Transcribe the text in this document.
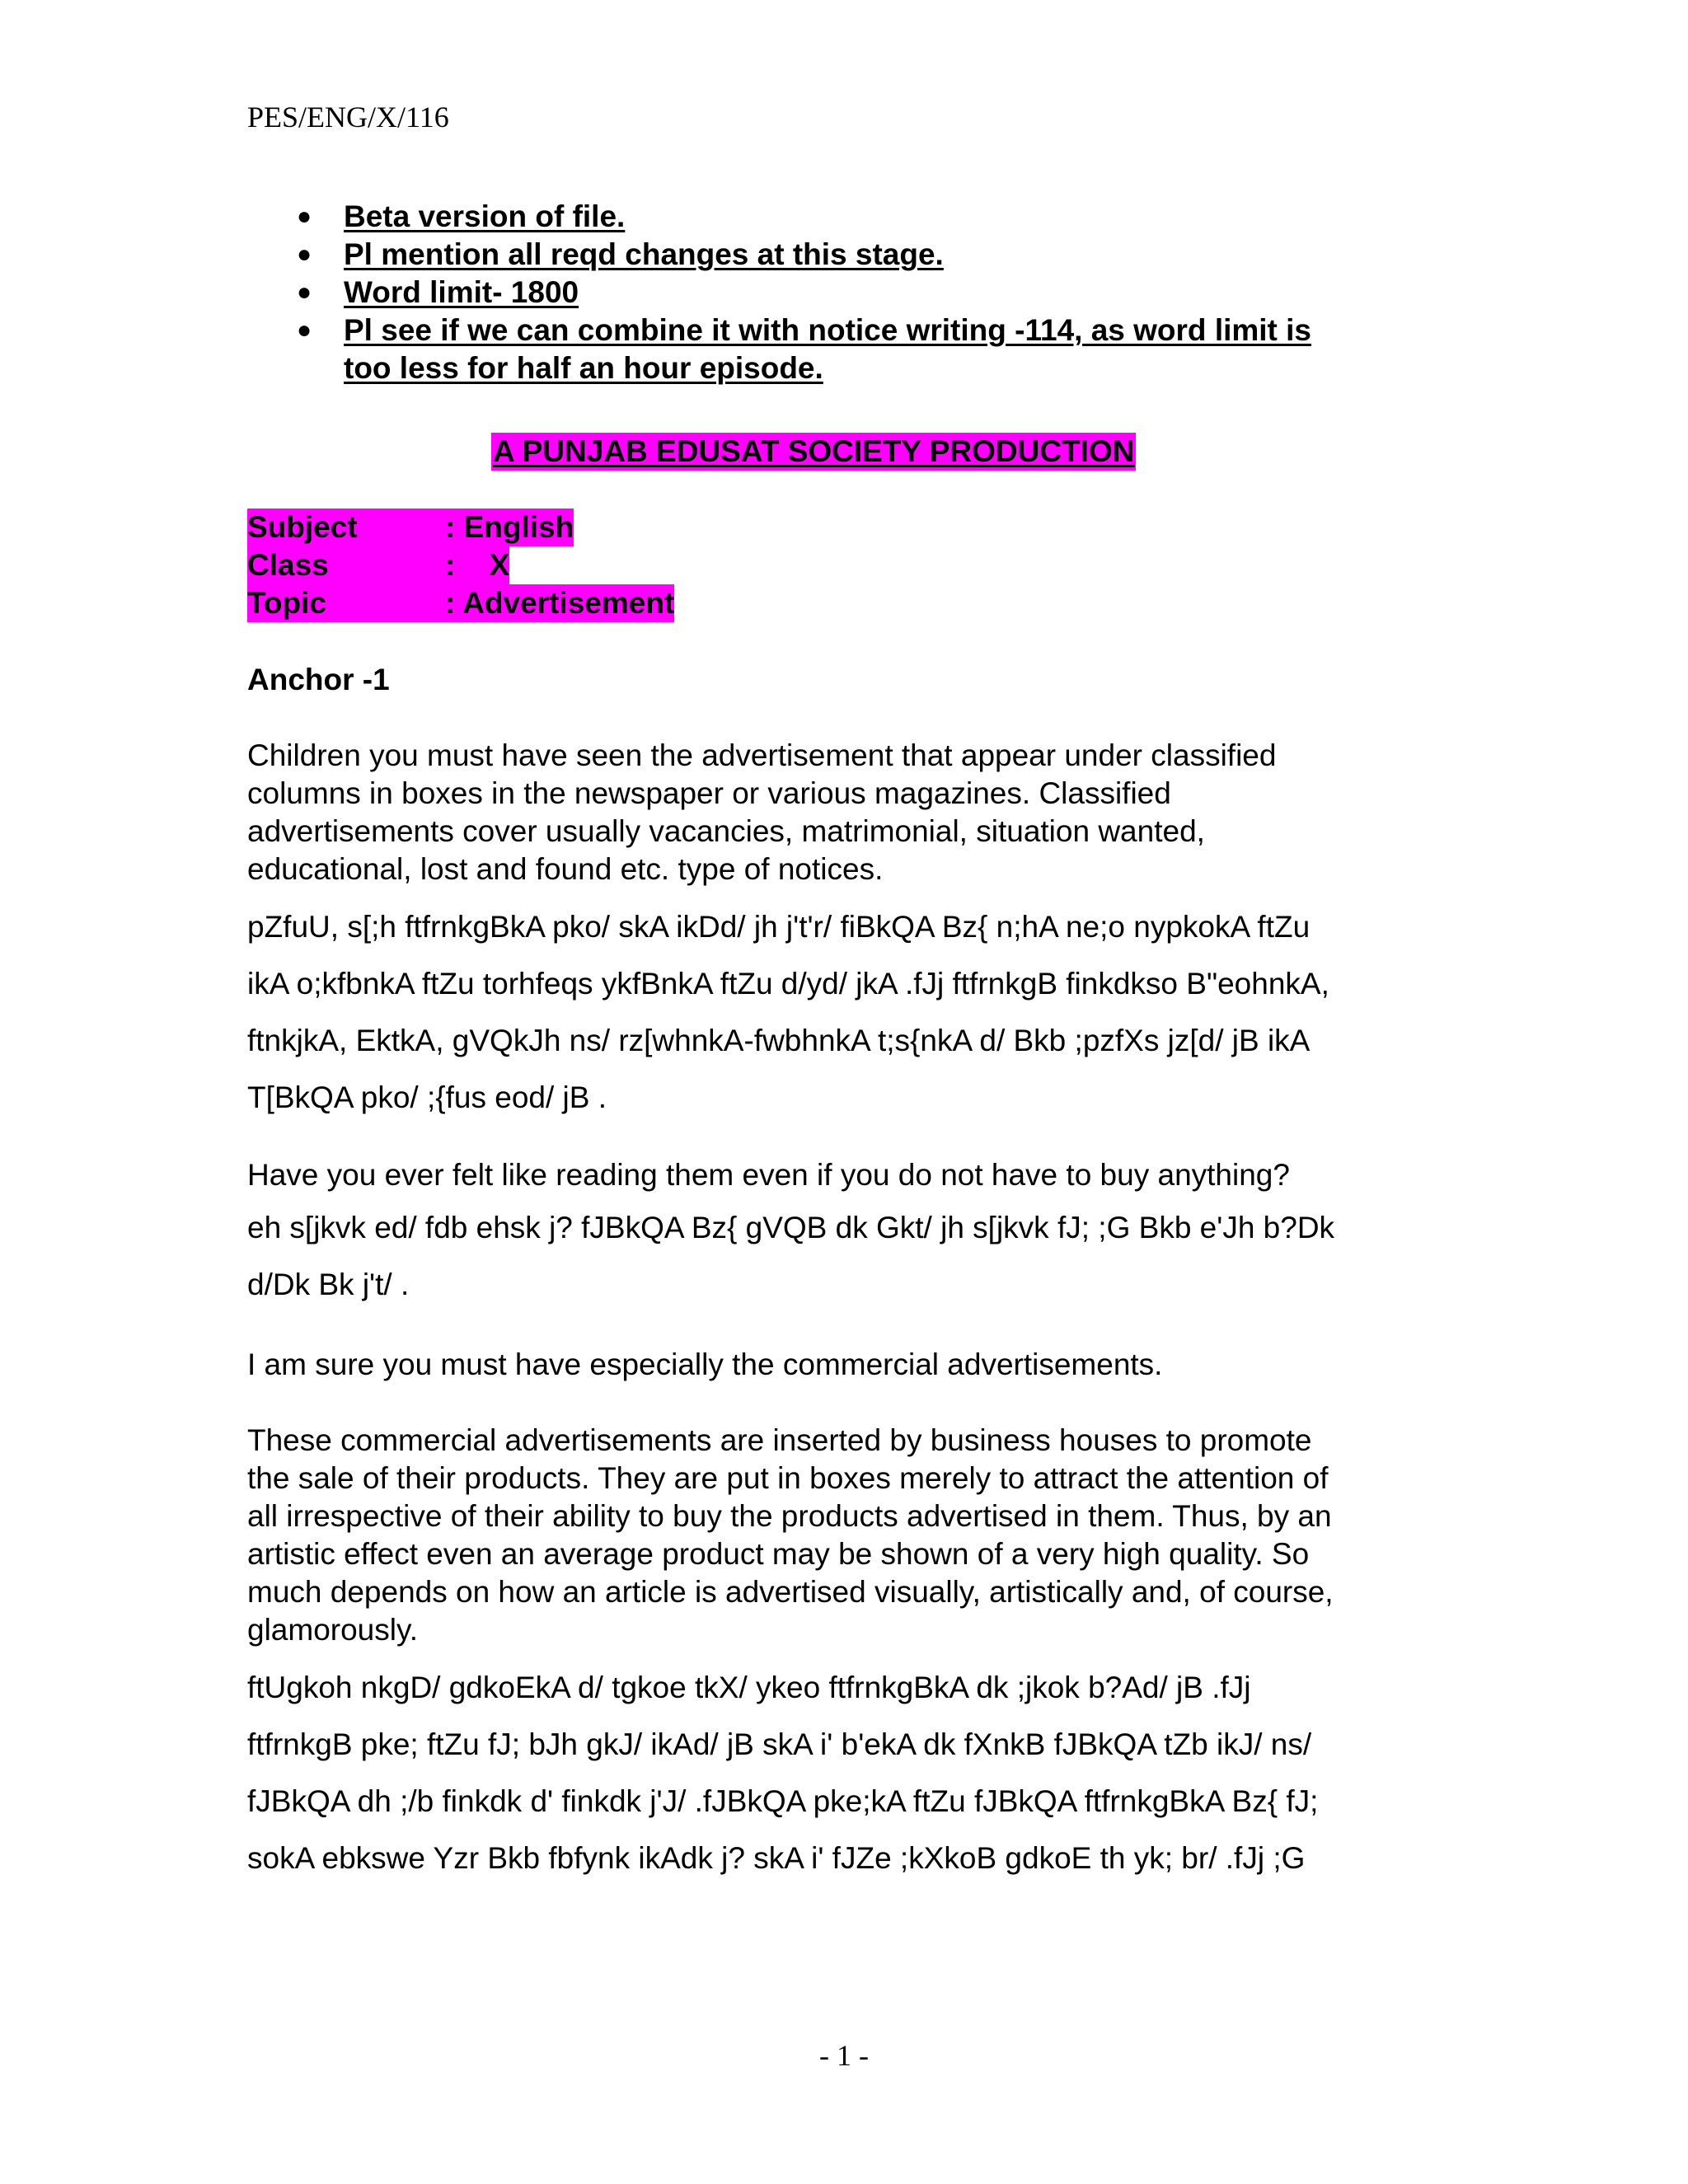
PES/ENG/X/116
● Beta version of file.
● Pl mention all reqd changes at this stage.
● Word limit- 1800
● Pl see if we can combine it with notice writing -114, as word limit is
too less for half an hour episode.
A PUNJAB EDUSAT SOCIETY PRODUCTION
Subject	: English
Class	:    X
Topic	: Advertisement
Anchor -1
Children you must have seen the advertisement that appear under classified
columns in boxes in the newspaper or various magazines. Classified
advertisements cover usually vacancies, matrimonial, situation wanted,
educational, lost and found etc. type of notices.
pZfuU, s[;h ftfrnkgBkA pko/ skA ikDd/ jh j't'r/ fiBkQA Bz{ n;hA ne;o nypkokA ftZu
ikA o;kfbnkA ftZu torhfeqs ykfBnkA ftZu d/yd/ jkA .fJj ftfrnkgB finkdkso B"eohnkA,
ftnkjkA, EktkA, gVQkJh ns/ rz[whnkA-fwbhnkA t;s{nkA d/ Bkb ;pzfXs jz[d/ jB ikA
T[BkQA pko/ ;{fus eod/ jB .
Have you ever felt like reading them even if you do not have to buy anything?
eh s[jkvk ed/ fdb ehsk j? fJBkQA Bz{ gVQB dk Gkt/ jh s[jkvk fJ; ;G Bkb e'Jh b?Dk
d/Dk Bk j't/ .
I am sure you must have especially the commercial advertisements.
These commercial advertisements are inserted by business houses to promote
the sale of their products. They are put in boxes merely to attract the attention of
all irrespective of their ability to buy the products advertised in them. Thus, by an
artistic effect even an average product may be shown of a very high quality. So
much depends on how an article is advertised visually, artistically and, of course,
glamorously.
ftUgkoh nkgD/ gdkoEkA d/ tgkoe tkX/ ykeo ftfrnkgBkA dk ;jkok b?Ad/ jB .fJj
ftfrnkgB pke; ftZu fJ; bJh gkJ/ ikAd/ jB skA i' b'ekA dk fXnkB fJBkQA tZb ikJ/ ns/
fJBkQA dh ;/b finkdk d' finkdk j'J/ .fJBkQA pke;kA ftZu fJBkQA ftfrnkgBkA Bz{ fJ;
sokA ebkswe Yzr Bkb fbfynk ikAdk j? skA i' fJZe ;kXkoB gdkoE th yk; br/ .fJj ;G
- 1 -
